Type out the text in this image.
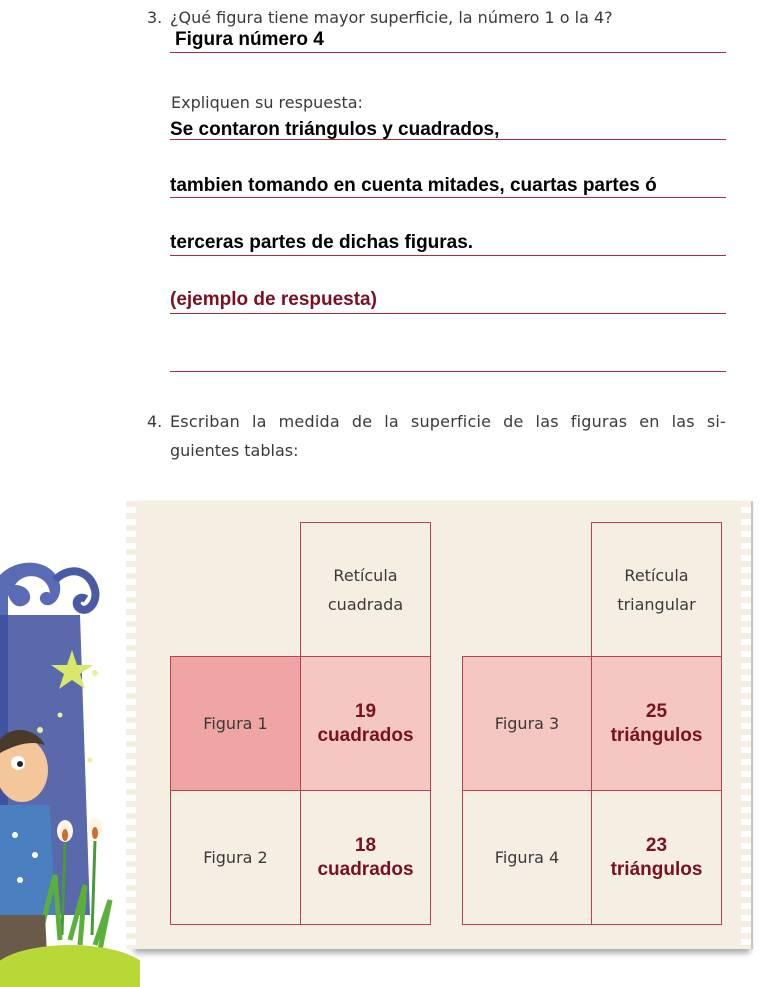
3. ¿Qué figura tiene mayor superficie, la número 1 o la 4?
Figura número 4
Expliquen su respuesta:
Se contaron triángulos y cuadrados,
tambien tomando en cuenta mitades, cuartas partes ó
terceras partes de dichas figuras.
(ejemplo de respuesta)
4. Escriban la medida de la superficie de las figuras en las si-
guientes tablas:
Retícula
cuadrada
Figura 1
19
cuadrados
Figura 2
18
cuadrados
Retícula
triangular
Figura 3
25
triángulos
Figura 4
23
triángulos
